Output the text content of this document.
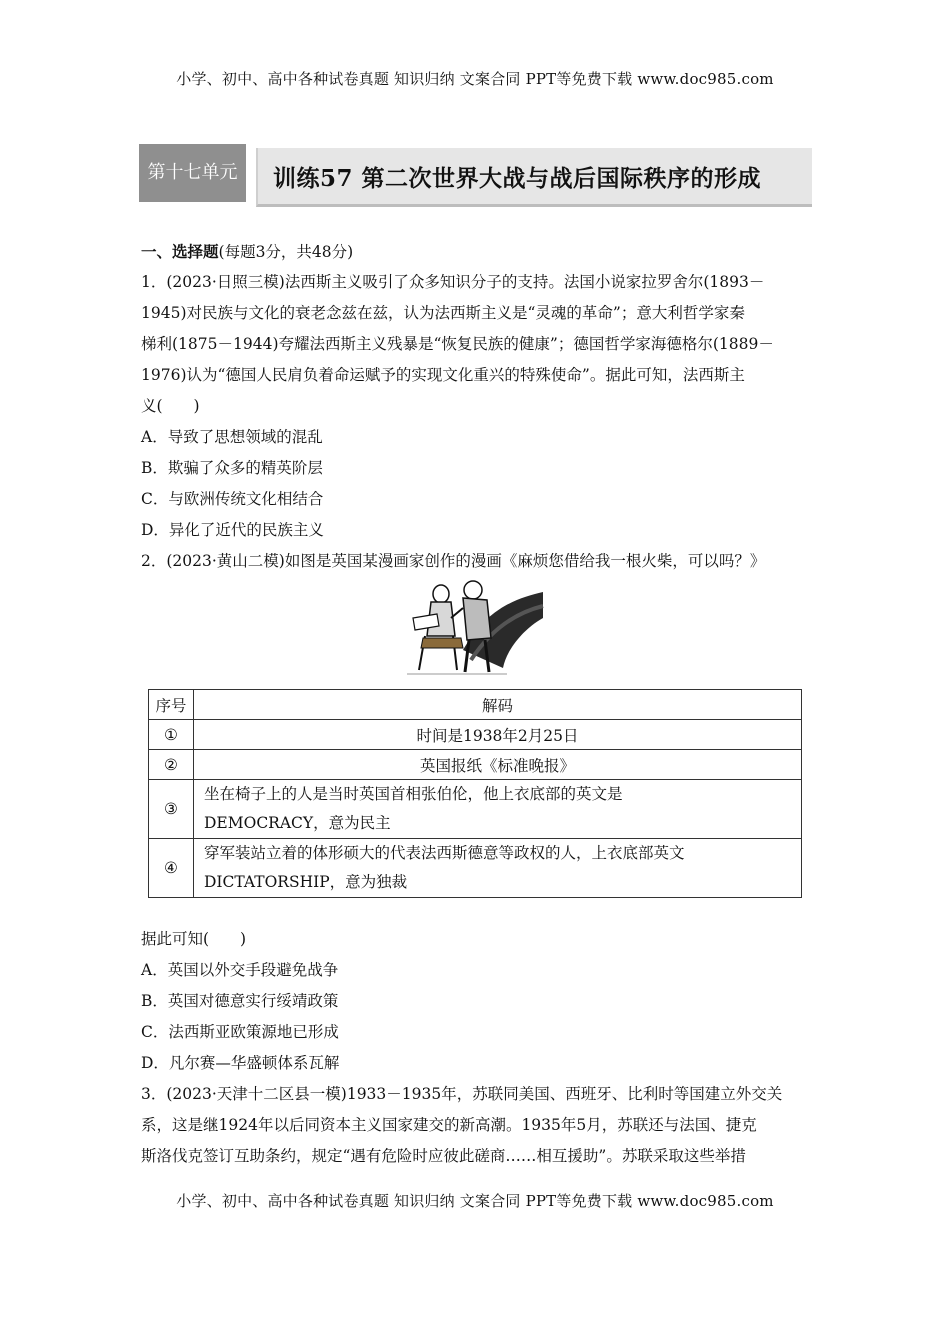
小学、初中、高中各种试卷真题 知识归纳 文案合同 PPT等免费下载 www.doc985.com
第十七单元	训练57 第二次世界大战与战后国际秩序的形成
一、选择题(每题3分，共48分)
1．(2023·日照三模)法西斯主义吸引了众多知识分子的支持。法国小说家拉罗舍尔(1893－
1945)对民族与文化的衰老念兹在兹，认为法西斯主义是“灵魂的革命”；意大利哲学家秦
梯利(1875－1944)夸耀法西斯主义残暴是“恢复民族的健康”；德国哲学家海德格尔(1889－
1976)认为“德国人民肩负着命运赋予的实现文化重兴的特殊使命”。据此可知，法西斯主
义(　　)
A．导致了思想领域的混乱
B．欺骗了众多的精英阶层
C．与欧洲传统文化相结合
D．异化了近代的民族主义
2．(2023·黄山二模)如图是英国某漫画家创作的漫画《麻烦您借给我一根火柴，可以吗？》
序号	解码
①	时间是1938年2月25日
②	英国报纸《标准晚报》
③	坐在椅子上的人是当时英国首相张伯伦，他上衣底部的英文是
DEMOCRACY，意为民主

④	穿军装站立着的体形硕大的代表法西斯德意等政权的人，上衣底部英文
DICTATORSHIP，意为独裁
据此可知(　　)
A．英国以外交手段避免战争
B．英国对德意实行绥靖政策
C．法西斯亚欧策源地已形成
D．凡尔赛—华盛顿体系瓦解
3．(2023·天津十二区县一模)1933－1935年，苏联同美国、西班牙、比利时等国建立外交关
系，这是继1924年以后同资本主义国家建交的新高潮。1935年5月，苏联还与法国、捷克
斯洛伐克签订互助条约，规定“遇有危险时应彼此磋商……相互援助”。苏联采取这些举措
小学、初中、高中各种试卷真题 知识归纳 文案合同 PPT等免费下载 www.doc985.com
